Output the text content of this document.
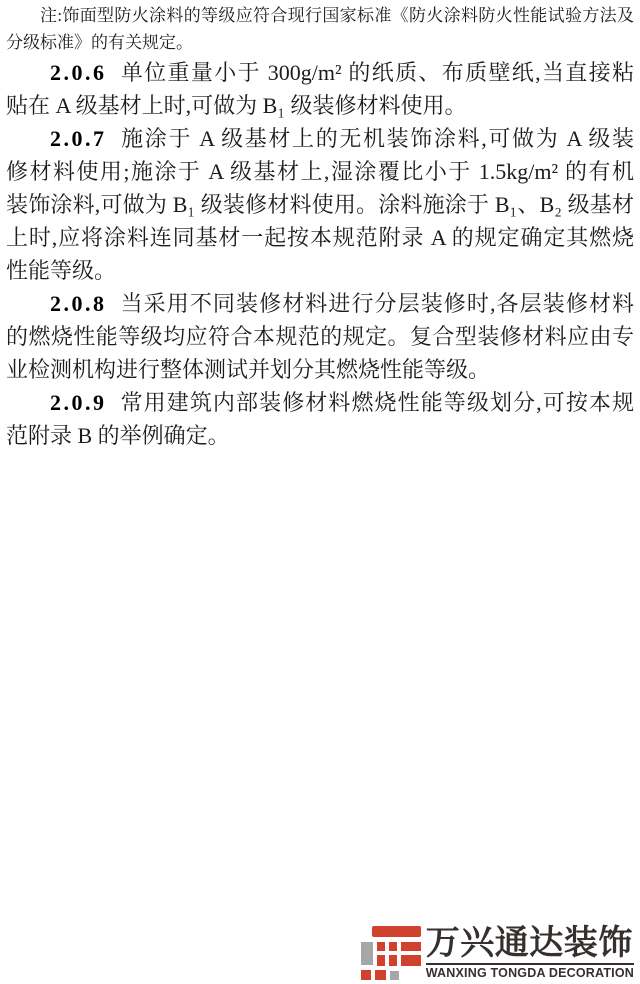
注:饰面型防火涂料的等级应符合现行国家标准《防火涂料防火性能试验方法及
分级标准》的有关规定。
2.0.6 单位重量小于 300g/m² 的纸质、布质壁纸,当直接粘
贴在 A 级基材上时,可做为 B₁ 级装修材料使用。
2.0.7 施涂于 A 级基材上的无机装饰涂料,可做为 A 级装
修材料使用;施涂于 A 级基材上,湿涂覆比小于 1.5kg/m² 的有机
装饰涂料,可做为 B₁ 级装修材料使用。涂料施涂于 B₁、B₂ 级基材
上时,应将涂料连同基材一起按本规范附录 A 的规定确定其燃烧
性能等级。
2.0.8 当采用不同装修材料进行分层装修时,各层装修材料
的燃烧性能等级均应符合本规范的规定。复合型装修材料应由专
业检测机构进行整体测试并划分其燃烧性能等级。
2.0.9 常用建筑内部装修材料燃烧性能等级划分,可按本规
范附录 B 的举例确定。
万兴通达装饰
WANXING TONGDA DECORATION
